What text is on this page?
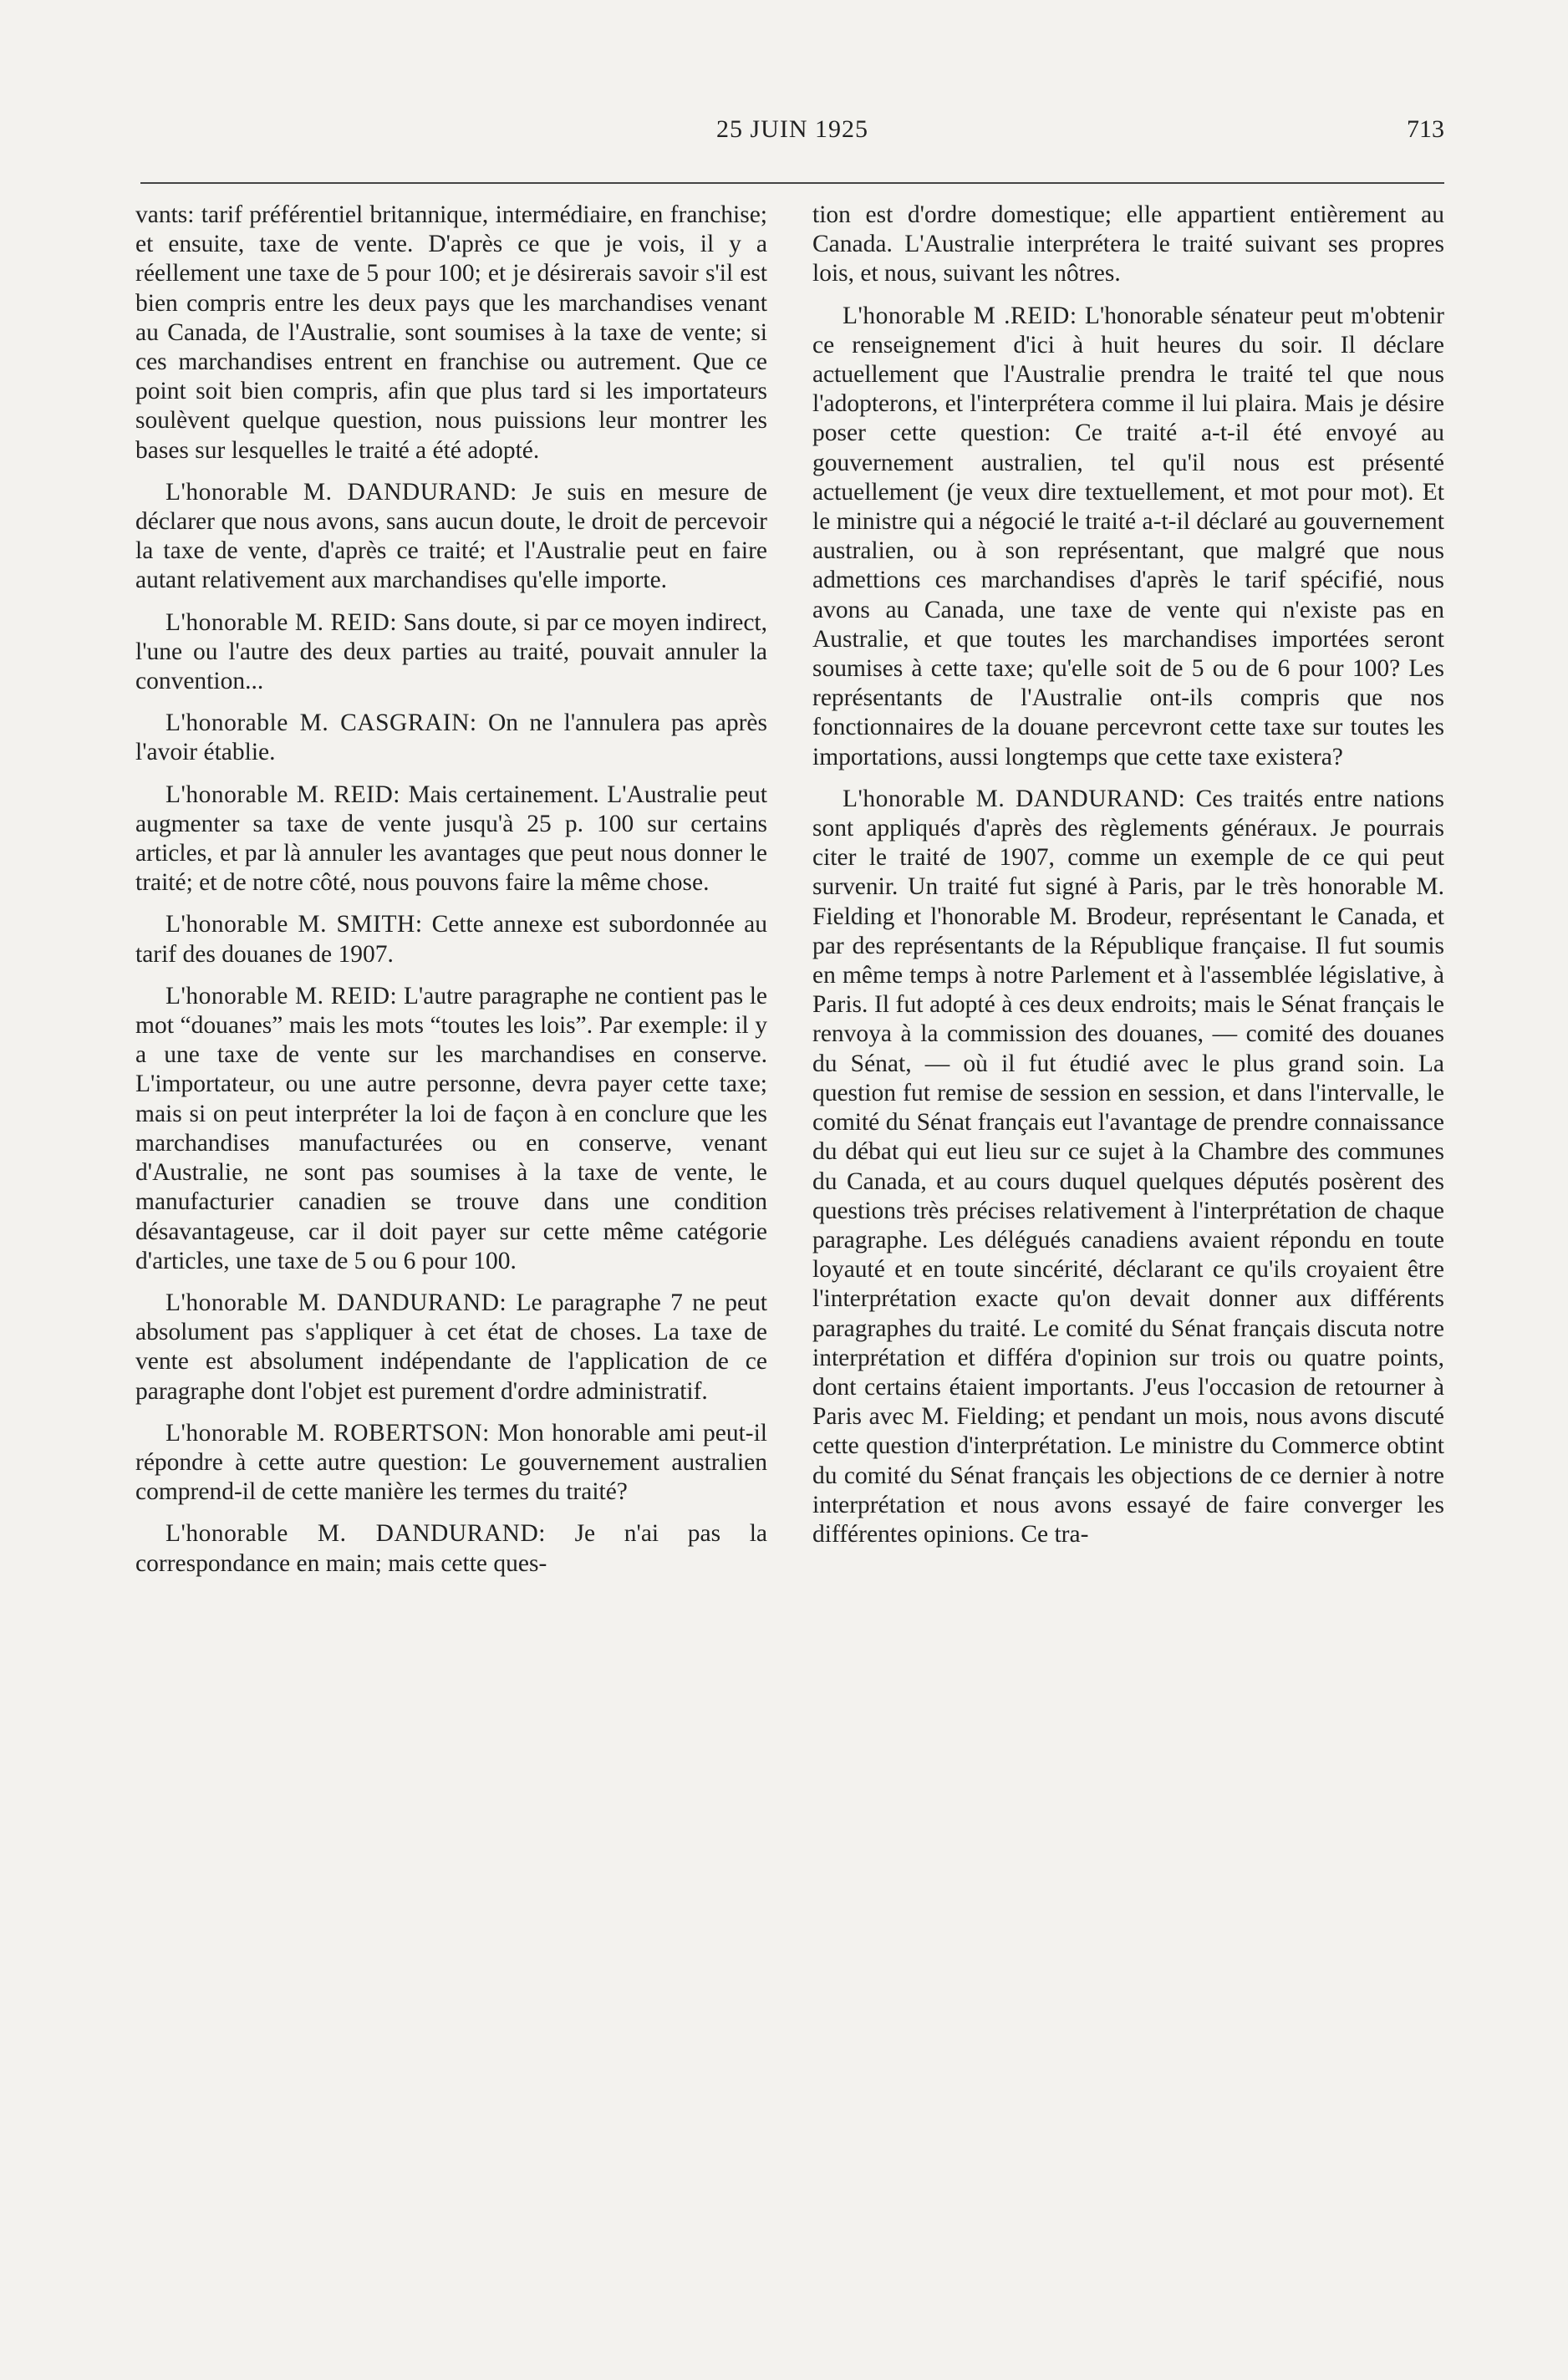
25 JUIN 1925	713

vants: tarif préférentiel britannique, intermédiaire, en franchise; et ensuite, taxe de vente. D'après ce que je vois, il y a réellement une taxe de 5 pour 100; et je désirerais savoir s'il est bien compris entre les deux pays que les marchandises venant au Canada, de l'Australie, sont soumises à la taxe de vente; si ces marchandises entrent en franchise ou autrement. Que ce point soit bien compris, afin que plus tard si les importateurs soulèvent quelque question, nous puissions leur montrer les bases sur lesquelles le traité a été adopté.

L'honorable M. DANDURAND: Je suis en mesure de déclarer que nous avons, sans aucun doute, le droit de percevoir la taxe de vente, d'après ce traité; et l'Australie peut en faire autant relativement aux marchandises qu'elle importe.

L'honorable M. REID: Sans doute, si par ce moyen indirect, l'une ou l'autre des deux parties au traité, pouvait annuler la convention...

L'honorable M. CASGRAIN: On ne l'annulera pas après l'avoir établie.

L'honorable M. REID: Mais certainement. L'Australie peut augmenter sa taxe de vente jusqu'à 25 p. 100 sur certains articles, et par là annuler les avantages que peut nous donner le traité; et de notre côté, nous pouvons faire la même chose.

L'honorable M. SMITH: Cette annexe est subordonnée au tarif des douanes de 1907.

L'honorable M. REID: L'autre paragraphe ne contient pas le mot “douanes” mais les mots “toutes les lois”. Par exemple: il y a une taxe de vente sur les marchandises en conserve. L'importateur, ou une autre personne, devra payer cette taxe; mais si on peut interpréter la loi de façon à en conclure que les marchandises manufacturées ou en conserve, venant d'Australie, ne sont pas soumises à la taxe de vente, le manufacturier canadien se trouve dans une condition désavantageuse, car il doit payer sur cette même catégorie d'articles, une taxe de 5 ou 6 pour 100.

L'honorable M. DANDURAND: Le paragraphe 7 ne peut absolument pas s'appliquer à cet état de choses. La taxe de vente est absolument indépendante de l'application de ce paragraphe dont l'objet est purement d'ordre administratif.

L'honorable M. ROBERTSON: Mon honorable ami peut-il répondre à cette autre question: Le gouvernement australien comprend-il de cette manière les termes du traité?

L'honorable M. DANDURAND: Je n'ai pas la correspondance en main; mais cette ques-

tion est d'ordre domestique; elle appartient entièrement au Canada. L'Australie interprétera le traité suivant ses propres lois, et nous, suivant les nôtres.

L'honorable M .REID: L'honorable sénateur peut m'obtenir ce renseignement d'ici à huit heures du soir. Il déclare actuellement que l'Australie prendra le traité tel que nous l'adopterons, et l'interprétera comme il lui plaira. Mais je désire poser cette question: Ce traité a-t-il été envoyé au gouvernement australien, tel qu'il nous est présenté actuellement (je veux dire textuellement, et mot pour mot). Et le ministre qui a négocié le traité a-t-il déclaré au gouvernement australien, ou à son représentant, que malgré que nous admettions ces marchandises d'après le tarif spécifié, nous avons au Canada, une taxe de vente qui n'existe pas en Australie, et que toutes les marchandises importées seront soumises à cette taxe; qu'elle soit de 5 ou de 6 pour 100? Les représentants de l'Australie ont-ils compris que nos fonctionnaires de la douane percevront cette taxe sur toutes les importations, aussi longtemps que cette taxe existera?

L'honorable M. DANDURAND: Ces traités entre nations sont appliqués d'après des règlements généraux. Je pourrais citer le traité de 1907, comme un exemple de ce qui peut survenir. Un traité fut signé à Paris, par le très honorable M. Fielding et l'honorable M. Brodeur, représentant le Canada, et par des représentants de la République française. Il fut soumis en même temps à notre Parlement et à l'assemblée législative, à Paris. Il fut adopté à ces deux endroits; mais le Sénat français le renvoya à la commission des douanes, — comité des douanes du Sénat, — où il fut étudié avec le plus grand soin. La question fut remise de session en session, et dans l'intervalle, le comité du Sénat français eut l'avantage de prendre connaissance du débat qui eut lieu sur ce sujet à la Chambre des communes du Canada, et au cours duquel quelques députés posèrent des questions très précises relativement à l'interprétation de chaque paragraphe. Les délégués canadiens avaient répondu en toute loyauté et en toute sincérité, déclarant ce qu'ils croyaient être l'interprétation exacte qu'on devait donner aux différents paragraphes du traité. Le comité du Sénat français discuta notre interprétation et différa d'opinion sur trois ou quatre points, dont certains étaient importants. J'eus l'occasion de retourner à Paris avec M. Fielding; et pendant un mois, nous avons discuté cette question d'interprétation. Le ministre du Commerce obtint du comité du Sénat français les objections de ce dernier à notre interprétation et nous avons essayé de faire converger les différentes opinions. Ce tra-
